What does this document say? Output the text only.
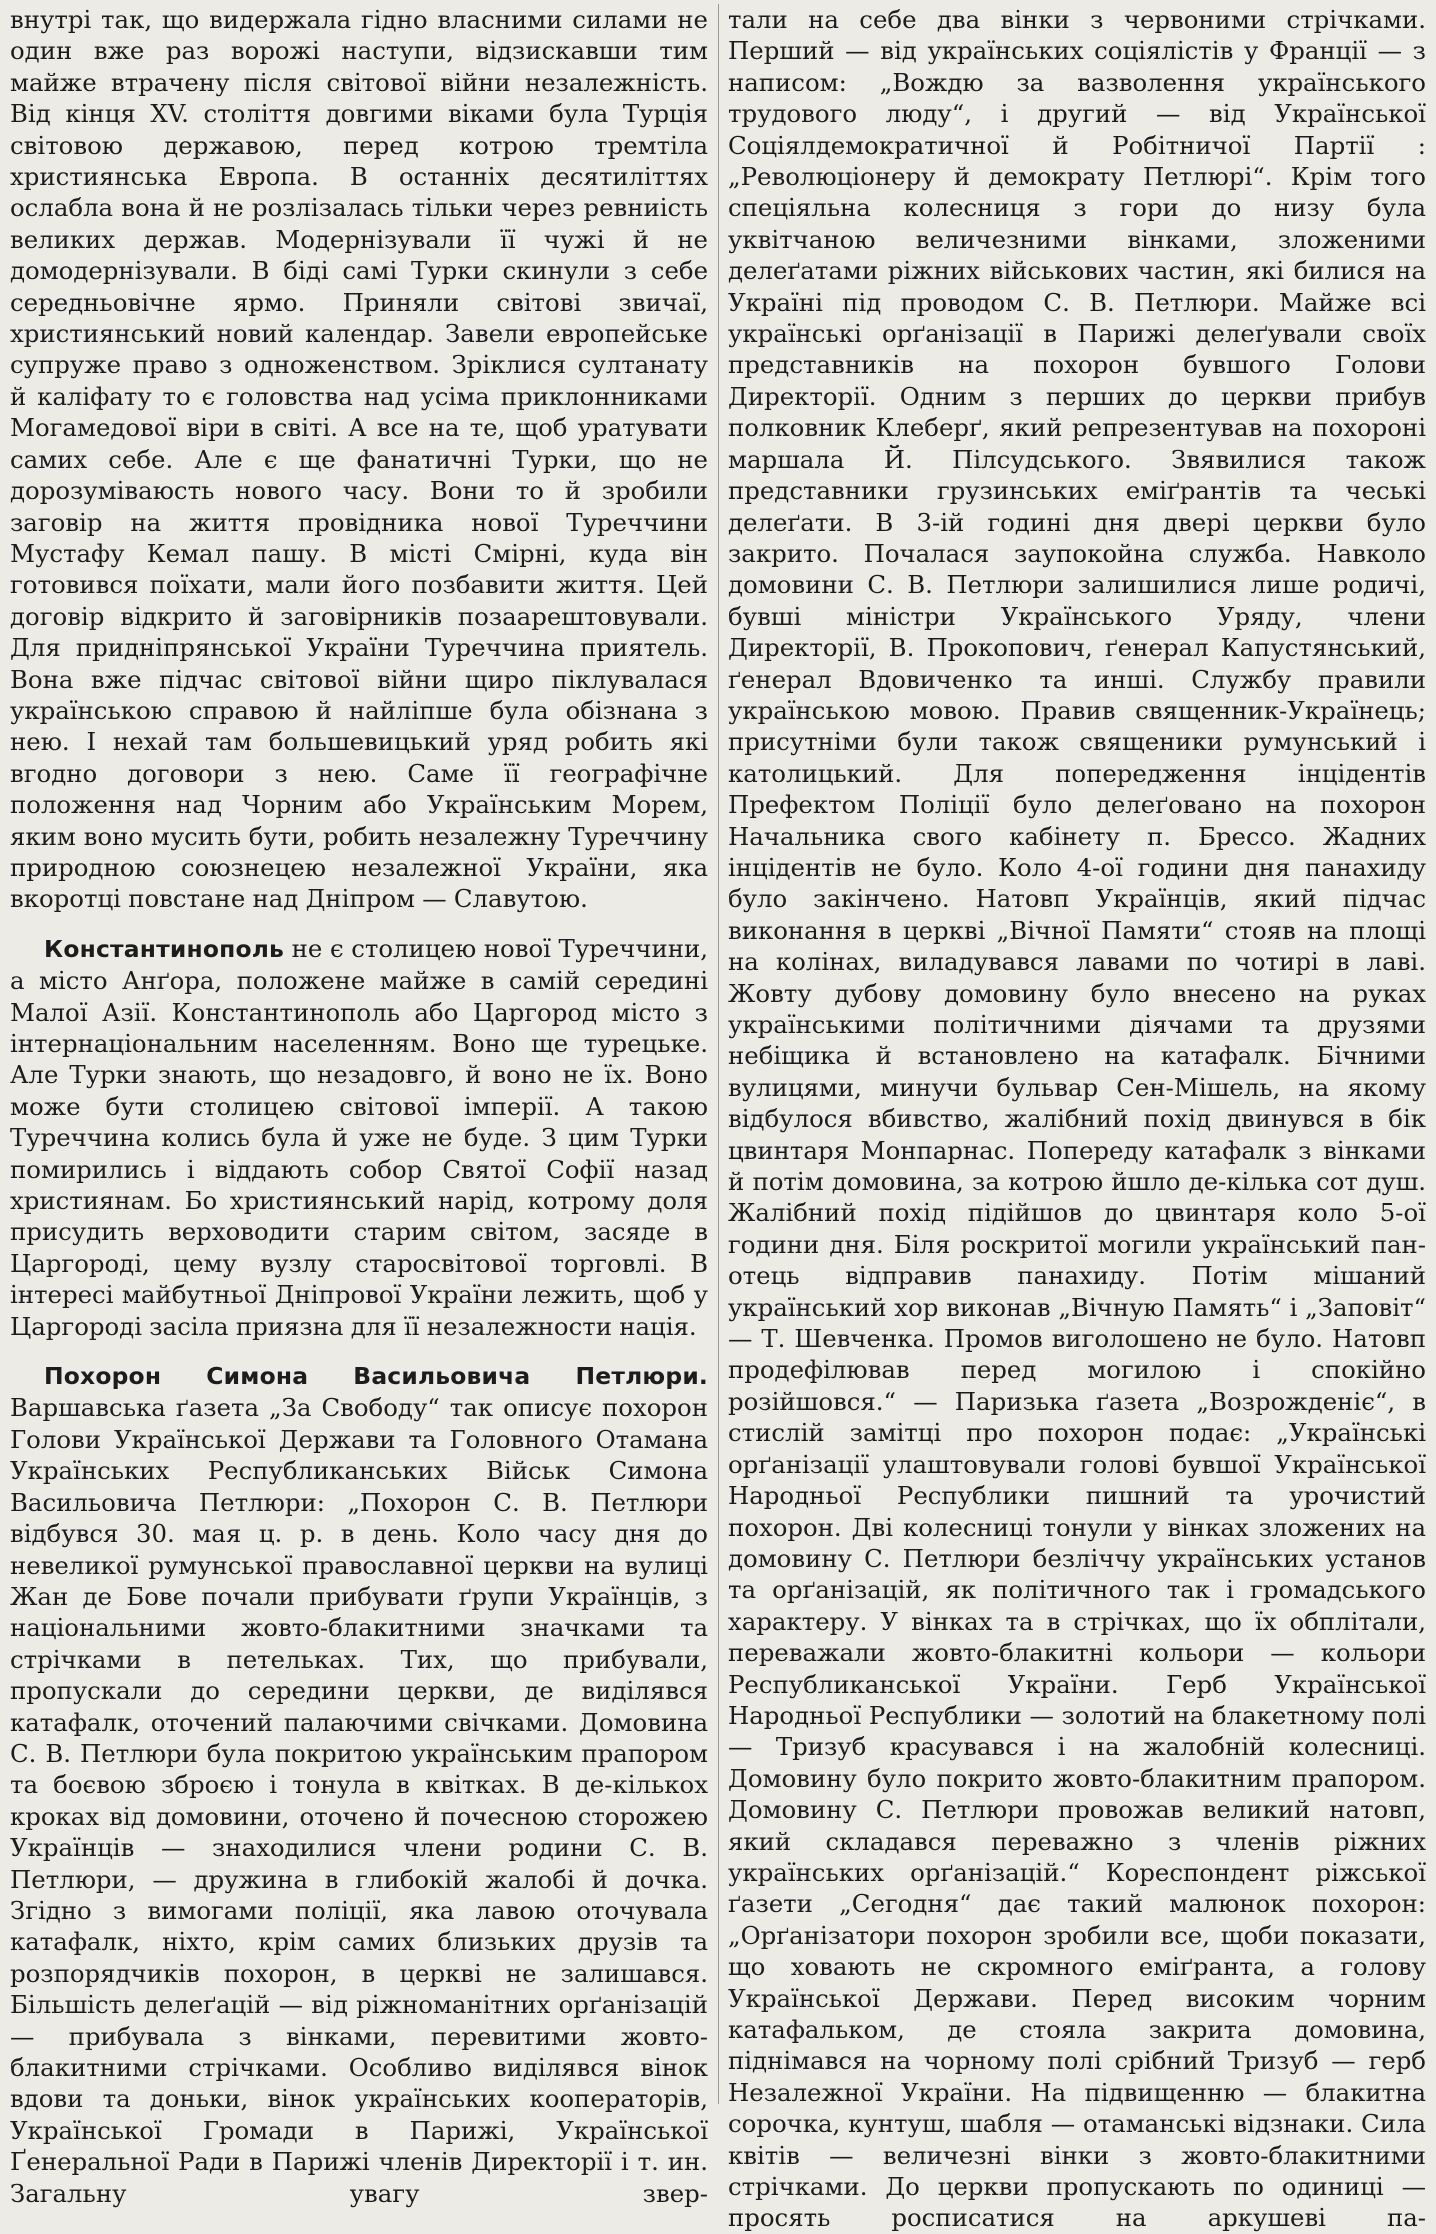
внутрі так, що видержала гідно власними силами не один вже раз ворожі наступи, відзискавши тим майже втрачену після світової війни незалежність. Від кінця XV. століття довгими віками була Турція світовою державою, перед котрою тремтіла християнська Европа. В останніх десятиліттях ослабла вона й не розлізалась тільки через ревниість великих держав. Модернізували її чужі й не домодернізували. В біді самі Турки скинули з себе середньовічне ярмо. Приняли світові звичаї, християнський новий календар. Завели европейське супруже право з одноженством. Зріклися султанату й каліфату то є головства над усіма приклонниками Могамедової віри в світі. А все на те, щоб уратувати самих себе. Але є ще фанатичні Турки, що не дорозуміваюсть нового часу. Вони то й зробили заговір на життя провідника нової Туреччини Мустафу Кемал пашу. В місті Смірні, куда він готовився поїхати, мали його позбавити життя. Цей договір відкрито й заговірників позаарештовували. Для придніпрянської України Туреччина приятель. Вона вже підчас світової війни щиро піклувалася українською справою й найліпше була обізнана з нею. І нехай там большевицький уряд робить які вгодно договори з нею. Саме її географічне положення над Чорним або Українським Морем, яким воно мусить бути, робить незалежну Туреччину природною союзнецею незалежної України, яка вкоротці повстане над Дніпром — Славутою.

Константинополь не є столицею нової Туреччини, а місто Анґора, положене майже в самій середині Малої Азії. Константинополь або Царгород місто з інтернаціональним населенням. Воно ще турецьке. Але Турки знають, що незадовго, й воно не їх. Воно може бути столицею світової імперії. А такою Туреччина колись була й уже не буде. З цим Турки помирились і віддають собор Святої Софії назад християнам. Бо християнський нарід, котрому доля присудить верховодити старим світом, засяде в Царгороді, цему вузлу старосвітової торговлі. В інтересі майбутньої Дніпрової України лежить, щоб у Царгороді засіла приязна для її незалежности нація.

Похорон Симона Васильовича Петлюри. Варшавська ґазета „За Свободу“ так описує похорон Голови Української Держави та Головного Отамана Українських Республиканських Військ Симона Васильовича Петлюри: „Похорон С. В. Петлюри відбувся 30. мая ц. р. в день. Коло часу дня до невеликої румунської православної церкви на вулиці Жан де Бове почали прибувати ґрупи Українців, з національними жовто-блакитними значками та стрічками в петельках. Тих, що прибували, пропускали до середини церкви, де виділявся катафалк, оточений палаючими свічками. Домовина С. В. Петлюри була покритою українським прапором та боєвою зброєю і тонула в квітках. В де-кількох кроках від домовини, оточено й почесною сторожею Українців — знаходилися члени родини С. В. Петлюри, — дружина в глибокій жалобі й дочка. Згідно з вимогами поліції, яка лавою оточувала катафалк, ніхто, крім самих близьких друзів та розпорядчиків похорон, в церкві не залишався. Більшість делеґацій — від ріжноманітних орґанізацій — прибувала з вінками, перевитими жовто-блакитними стрічками. Особливо виділявся вінок вдови та доньки, вінок українських кооператорів, Української Громади в Парижі, Української Ґенеральної Ради в Парижі членів Директорії і т. ин. Загальну увагу звер-

тали на себе два вінки з червоними стрічками. Перший — від українських соціялістів у Франції — з написом: „Вождю за вазволення українського трудового люду“, і другий — від Української Соціялдемократичної й Робітничої Партії : „Революціонеру й демократу Петлюрі“. Крім того спеціяльна колесниця з гори до низу була уквітчаною величезними вінками, зложеними делеґатами ріжних військових частин, які билися на Україні під проводом С. В. Петлюри. Майже всі українські орґанізації в Парижі делеґували своїх представників на похорон бувшого Голови Директорії. Одним з перших до церкви прибув полковник Клеберґ, який репрезентував на похороні маршала Й. Пілсудського. Звявилися також представники грузинських еміґрантів та чеські делеґати. В 3-ій годині дня двері церкви було закрито. Почалася заупокойна служба. Навколо домовини С. В. Петлюри залишилися лише родичі, бувші міністри Українського Уряду, члени Директорії, В. Прокопович, ґенерал Капустянський, ґенерал Вдовиченко та инші. Службу правили українською мовою. Правив священник-Українець; присутніми були також священики румунський і католицький. Для попередження інцідентів Префектом Поліції було делеґовано на похорон Начальника свого кабінету п. Брессо. Жадних інцідентів не було. Коло 4-ої години дня панахиду було закінчено. Натовп Українців, який підчас виконання в церкві „Вічної Памяти“ стояв на площі на колінах, виладувався лавами по чотирі в лаві. Жовту дубову домовину було внесено на руках українськими політичними діячами та друзями небіщика й встановлено на катафалк. Бічними вулицями, минучи бульвар Сен-Мішель, на якому відбулося вбивство, жалібний похід двинувся в бік цвинтаря Монпарнас. Попереду катафалк з вінками й потім домовина, за котрою йшло де-кілька сот душ. Жалібний похід підійшов до цвинтаря коло 5-ої години дня. Біля роскритої могили український пан-отець відправив панахиду. Потім мішаний український хор виконав „Вічную Память“ і „Заповіт“ — Т. Шевченка. Промов виголошено не було. Натовп продефілював перед могилою і спокійно розійшовся.“ — Паризька ґазета „Возрожденіє“, в стислій замітці про похорон подає: „Українські орґанізації улаштовували голові бувшої Української Народньої Республики пишний та урочистий похорон. Дві колесниці тонули у вінках зложених на домовину С. Петлюри безліччу українських установ та орґанізацій, як політичного так і громадського характеру. У вінках та в стрічках, що їх обплітали, переважали жовто-блакитні кольори — кольори Республиканської України. Герб Української Народньої Республики — золотий на блакетному полі — Тризуб красувався і на жалобній колесниці. Домовину було покрито жовто-блакитним прапором. Домовину С. Петлюри провожав великий натовп, який складався переважно з членів ріжних українських орґанізацій.“ Кореспондент ріжської ґазети „Сегодня“ дає такий малюнок похорон: „Орґанізатори похорон зробили все, щоби показати, що ховають не скромного еміґранта, а голову Української Держави. Перед високим чорним катафальком, де стояла закрита домовина, піднімався на чорному полі срібний Тризуб — герб Незалежної України. На підвищенню — блакитна сорочка, кунтуш, шабля — отаманські відзнаки. Сила квітів — величезні вінки з жовто-блакитними стрічками. До церкви пропускають по одиниці — просять росписатися на аркушеві па-
